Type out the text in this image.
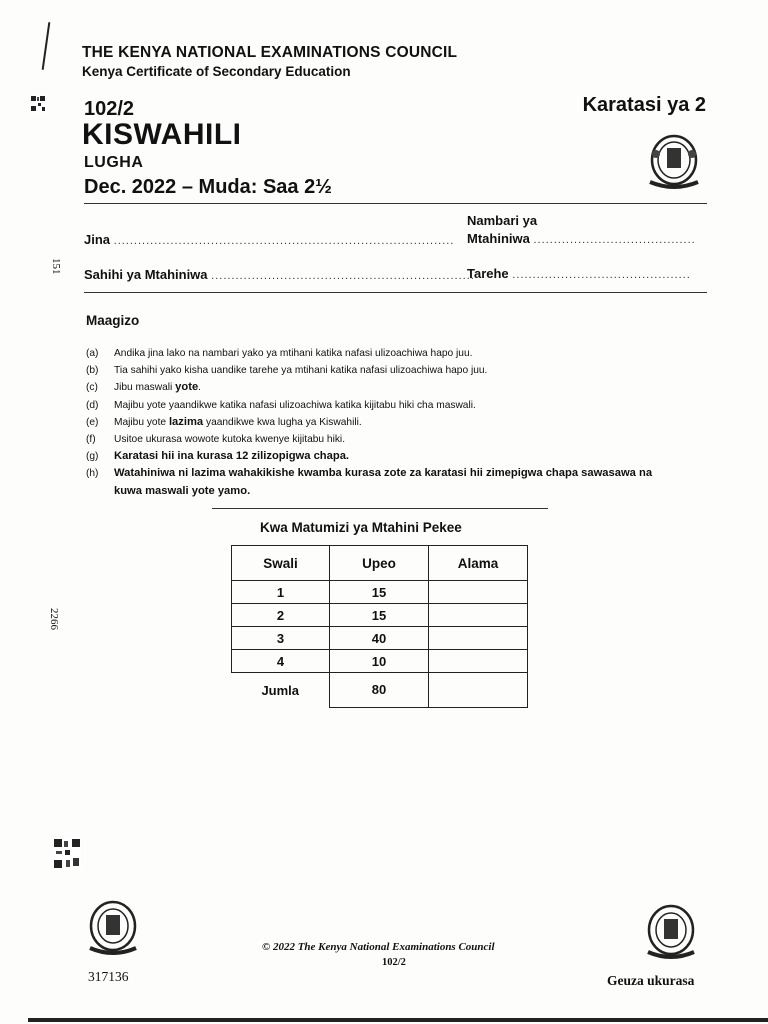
THE KENYA NATIONAL EXAMINATIONS COUNCIL
Kenya Certificate of Secondary Education
102/2	Karatasi ya 2
KISWAHILI
LUGHA
Dec. 2022 – Muda: Saa 2½
Jina ....................................................................................
Nambari ya
Mtahiniwa ........................................
Sahihi ya Mtahiniwa .................................................................
Tarehe ............................................
151
Maagizo
(a)	Andika jina lako na nambari yako ya mtihani katika nafasi ulizoachiwa hapo juu.
(b)	Tia sahihi yako kisha uandike tarehe ya mtihani katika nafasi ulizoachiwa hapo juu.
(c)	Jibu maswali yote.
(d)	Majibu yote yaandikwe katika nafasi ulizoachiwa katika kijitabu hiki cha maswali.
(e)	Majibu yote lazima yaandikwe kwa lugha ya Kiswahili.
(f)	Usitoe ukurasa wowote kutoka kwenye kijitabu hiki.
(g)	Karatasi hii ina kurasa 12 zilizopigwa chapa.
(h)	Watahiniwa ni lazima wahakikishe kwamba kurasa zote za karatasi hii zimepigwa chapa sawasawa na kuwa maswali yote yamo.
Kwa Matumizi ya Mtahini Pekee
Swali	Upeo	Alama
1	15	
2	15	
3	40	
4	10	
Jumla	80	
2266
© 2022 The Kenya National Examinations Council
102/2
317136	Geuza ukurasa
